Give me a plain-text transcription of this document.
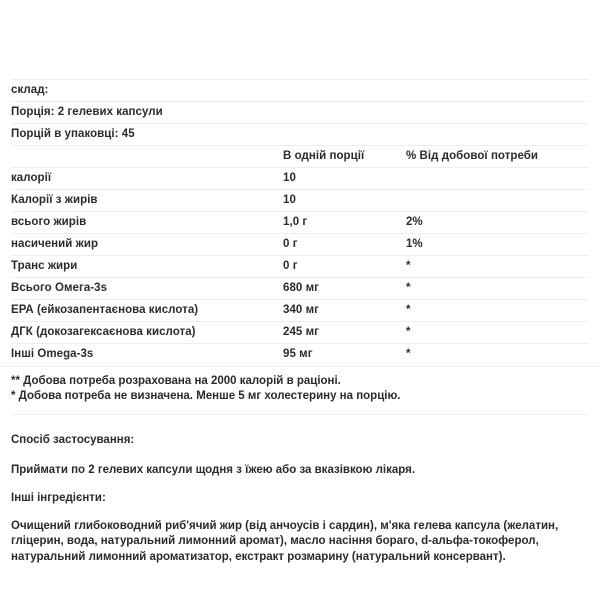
склад:		
Порція: 2 гелевих капсули		
Порцій в упаковці: 45		
	В одній порції	% Від добової потреби
калорії	10	
Калорії з жирів	10	
всього жирів	1,0 г	2%
насичений жир	0 г	1%
Транс жири	0 г	*
Всього Омега-3s	680 мг	*
ЕРА (ейкозапентаєнова кислота)	340 мг	*
ДГК (докозагексаєнова кислота)	245 мг	*
Інші Omega-3s	95 мг	*
** Добова потреба розрахована на 2000 калорій в раціоні.
* Добова потреба не визначена. Менше 5 мг холестерину на порцію.
Спосіб застосування:
Приймати по 2 гелевих капсули щодня з їжею або за вказівкою лікаря.
Інші інгредієнти:
Очищений глибоководний риб'ячий жир (від анчоусів і сардин), м'яка гелева капсула (желатин, гліцерин, вода, натуральний лимонний аромат), масло насіння бораго, d-альфа-токоферол, натуральний лимонний ароматизатор, екстракт розмарину (натуральний консервант).
